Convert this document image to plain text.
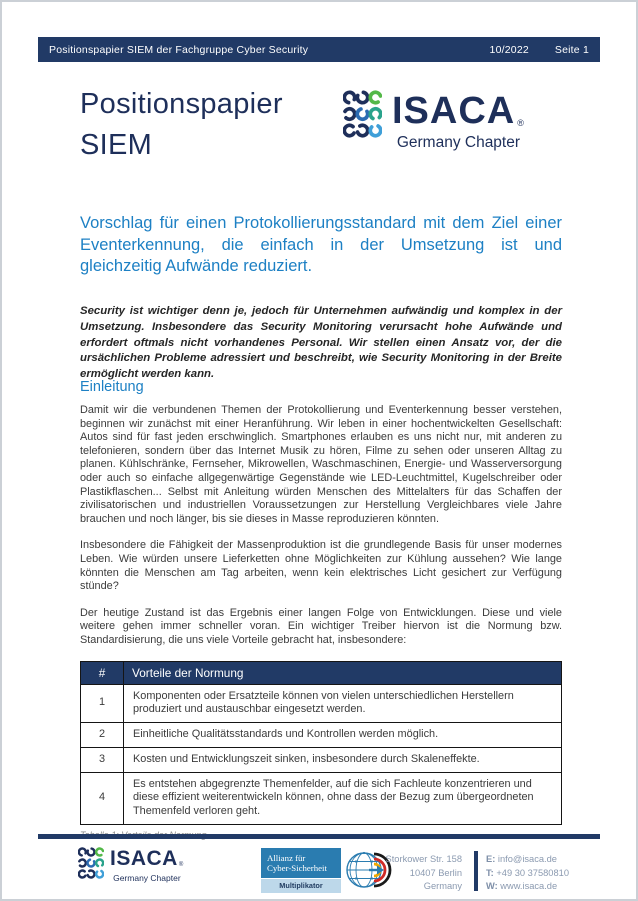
Positionspapier SIEM der Fachgruppe Cyber Security	10/2022 Seite 1
Positionspapier
SIEM
ISACA ®
Germany Chapter
Vorschlag für einen Protokollierungsstandard mit dem Ziel einer Eventerkennung, die einfach in der Umsetzung ist und gleichzeitig Aufwände reduziert.
Security ist wichtiger denn je, jedoch für Unternehmen aufwändig und komplex in der Umsetzung. Insbesondere das Security Monitoring verursacht hohe Aufwände und erfordert oftmals nicht vorhandenes Personal. Wir stellen einen Ansatz vor, der die ursächlichen Probleme adressiert und beschreibt, wie Security Monitoring in der Breite ermöglicht werden kann.
Einleitung

Damit wir die verbundenen Themen der Protokollierung und Eventerkennung besser verstehen, beginnen wir zunächst mit einer Heranführung. Wir leben in einer hochentwickelten Gesellschaft: Autos sind für fast jeden erschwinglich. Smartphones erlauben es uns nicht nur, mit anderen zu telefonieren, sondern über das Internet Musik zu hören, Filme zu sehen oder unseren Alltag zu planen. Kühlschränke, Fernseher, Mikrowellen, Waschmaschinen, Energie- und Wasserversorgung oder auch so einfache allgegenwärtige Gegenstände wie LED-Leuchtmittel, Kugelschreiber oder Plastikflaschen... Selbst mit Anleitung würden Menschen des Mittelalters für das Schaffen der zivilisatorischen und industriellen Voraussetzungen zur Herstellung Vergleichbares viele Jahre brauchen und noch länger, bis sie dieses in Masse reproduzieren könnten.

Insbesondere die Fähigkeit der Massenproduktion ist die grundlegende Basis für unser modernes Leben. Wie würden unsere Lieferketten ohne Möglichkeiten zur Kühlung aussehen? Wie lange könnten die Menschen am Tag arbeiten, wenn kein elektrisches Licht gesichert zur Verfügung stünde?

Der heutige Zustand ist das Ergebnis einer langen Folge von Entwicklungen. Diese und viele weitere gehen immer schneller voran. Ein wichtiger Treiber hiervon ist die Normung bzw. Standardisierung, die uns viele Vorteile gebracht hat, insbesondere:

#	Vorteile der Normung
1	Komponenten oder Ersatzteile können von vielen unterschiedlichen Herstellern produziert und austauschbar eingesetzt werden.
2	Einheitliche Qualitätsstandards und Kontrollen werden möglich.
3	Kosten und Entwicklungszeit sinken, insbesondere durch Skaleneffekte.
4	Es entstehen abgegrenzte Themenfelder, auf die sich Fachleute konzentrieren und diese effizient weiterentwickeln können, ohne dass der Bezug zum übergeordneten Themenfeld verloren geht.
ISACA ®
Germany Chapter
Allianz für
Cyber-Sicherheit
Multiplikator
Storkower Str. 158
10407 Berlin
Germany
E: info@isaca.de
T: +49 30 37580810
W: www.isaca.de
